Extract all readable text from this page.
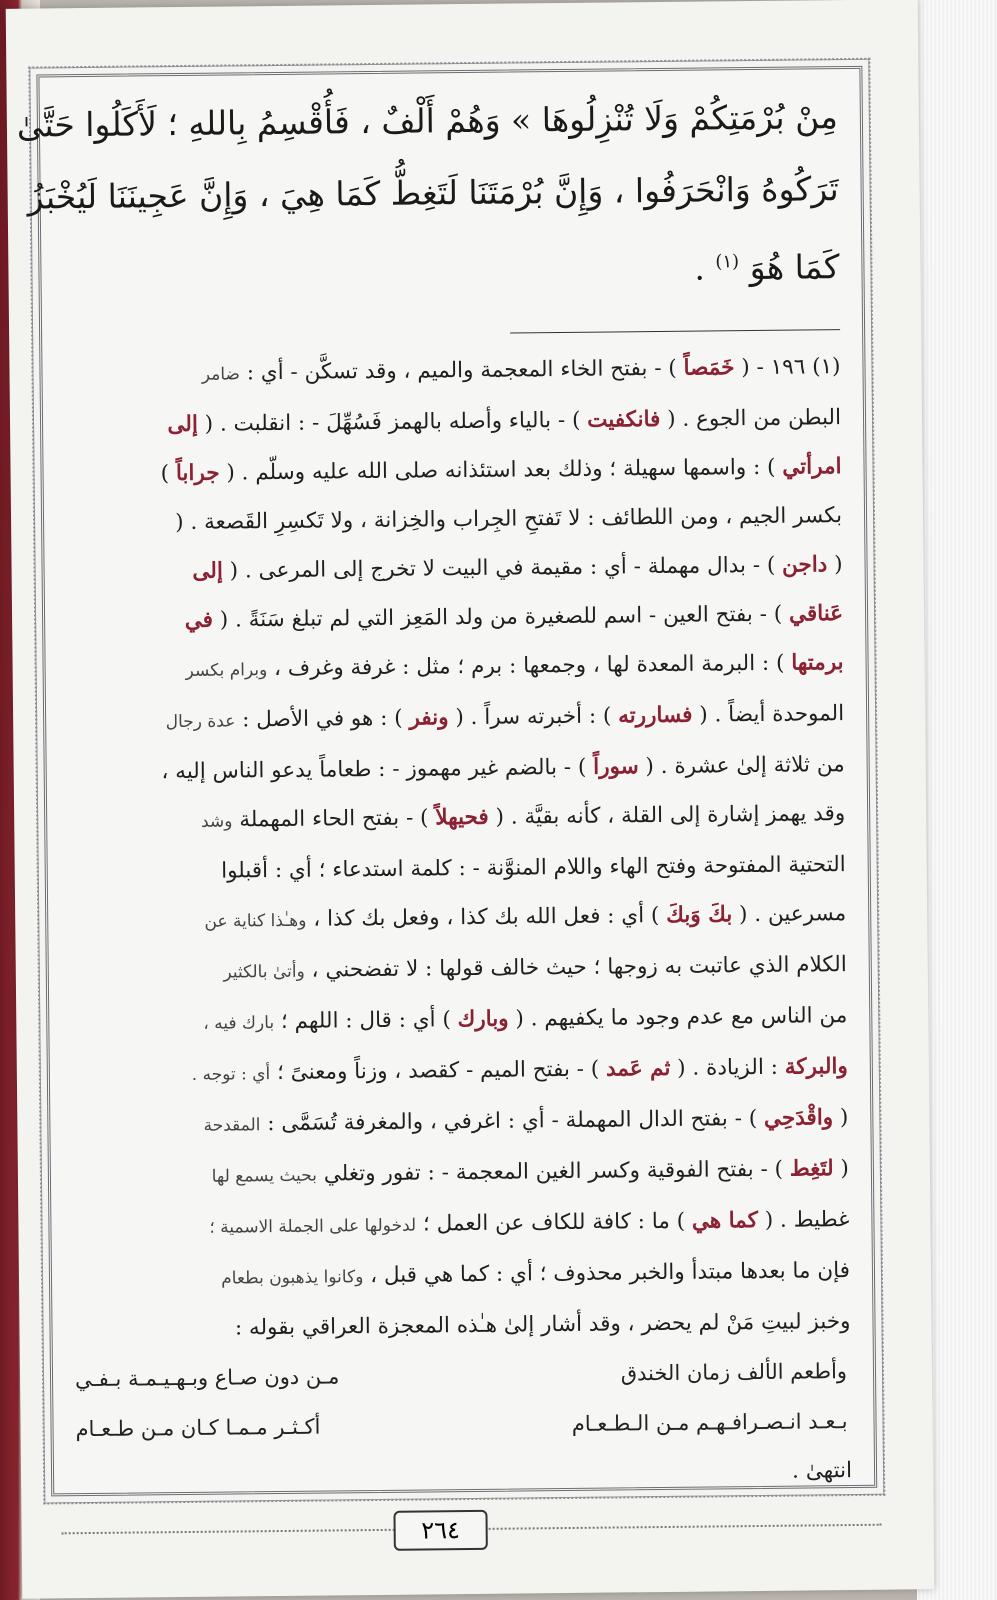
مِنْ بُرْمَتِكُمْ وَلَا تُنْزِلُوهَا » وَهُمْ أَلْفٌ ، فَأُقْسِمُ بِاللهِ ؛ لَأَكَلُوا حَتَّىٰ
تَرَكُوهُ وَانْحَرَفُوا ، وَإِنَّ بُرْمَتَنَا لَتَغِطُّ كَمَا هِيَ ، وَإِنَّ عَجِينَنَا لَيُخْبَزُ
كَمَا هُوَ $^{(١)}$ .
(١) ١٩٦ - ( خَمَصاً ) - بفتح الخاء المعجمة والميم ، وقد تسكَّن - أي : ضامر
البطن من الجوع . ( فانكفيت ) - بالياء وأصله بالهمز فَسُهِّلَ - : انقلبت . ( إلى
امرأتي ) : واسمها سهيلة ؛ وذلك بعد استئذانه صلى الله عليه وسلّم . ( جراباً )
بكسر الجيم ، ومن اللطائف : لا تَفتحِ الجِراب والخِزانة ، ولا تَكسِرِ القَصعة . (
( داجن ) - بدال مهملة - أي : مقيمة في البيت لا تخرج إلى المرعى . ( إلى
عَناقي ) - بفتح العين - اسم للصغيرة من ولد المَعِز التي لم تبلغ سَنَةً . ( في
برمتها ) : البرمة المعدة لها ، وجمعها : برم ؛ مثل : غرفة وغرف ، وبرام بكسر
الموحدة أيضاً . ( فساررته ) : أخبرته سراً . ( ونفر ) : هو في الأصل : عدة رجال
من ثلاثة إلىٰ عشرة . ( سوراً ) - بالضم غير مهموز - : طعاماً يدعو الناس إليه ،
وقد يهمز إشارة إلى القلة ، كأنه بقيَّة . ( فحيهلاً ) - بفتح الحاء المهملة وشد
التحتية المفتوحة وفتح الهاء واللام المنوَّنة - : كلمة استدعاء ؛ أي : أقبلوا
مسرعين . ( بكَ وَبكَ ) أي : فعل الله بك كذا ، وفعل بك كذا ، وهـٰذا كناية عن
الكلام الذي عاتبت به زوجها ؛ حيث خالف قولها : لا تفضحني ، وأتىٰ بالكثير
من الناس مع عدم وجود ما يكفيهم . ( وبارك ) أي : قال : اللهم ؛ بارك فيه ،
والبركة : الزيادة . ( ثم عَمد ) - بفتح الميم - كقصد ، وزناً ومعنىً ؛ أي : توجه .
( واقْدَحِي ) - بفتح الدال المهملة - أي : اغرفي ، والمغرفة تُسَمَّى : المقدحة
( لتَغِط ) - بفتح الفوقية وكسر الغين المعجمة - : تفور وتغلي بحيث يسمع لها
غطيط . ( كما هي ) ما : كافة للكاف عن العمل ؛ لدخولها على الجملة الاسمية ؛
فإن ما بعدها مبتدأ والخبر محذوف ؛ أي : كما هي قبل ، وكانوا يذهبون بطعام
وخبز لبيتِ مَنْ لم يحضر ، وقد أشار إلىٰ هـٰذه المعجزة العراقي بقوله :
وأطعم الألف زمان الخندق
مـن دون صـاع وبـهـيـمـة بـفـي
بـعـد انـصـرافـهـم مـن الـطـعـام
أكـثـر مـمـا كـان مـن طـعـام
انتهىٰ .
٢٦٤
